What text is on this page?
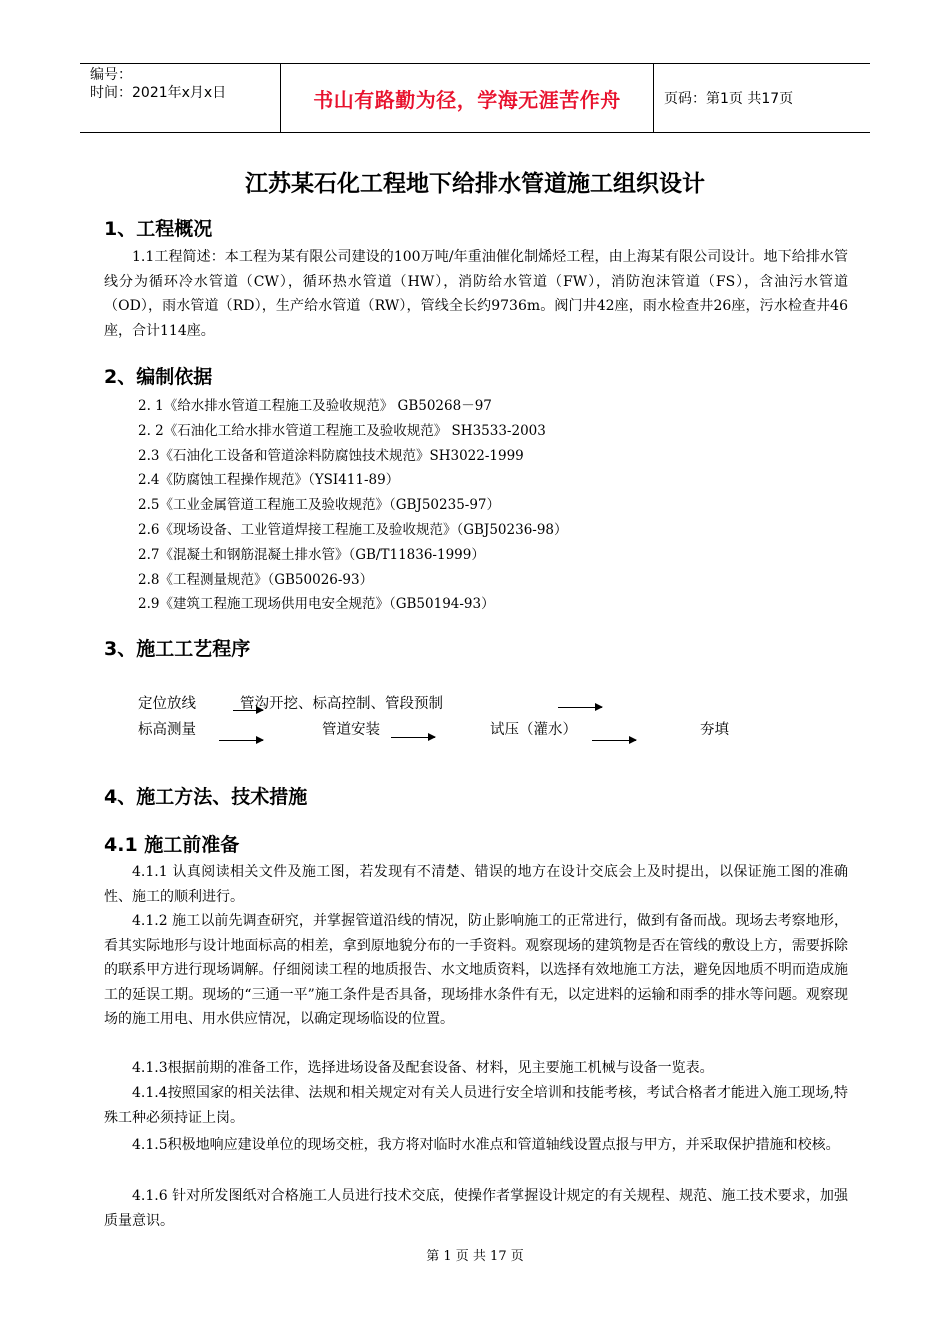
编号：
时间：2021年x月x日	书山有路勤为径，学海无涯苦作舟	页码：第1页 共17页
江苏某石化工程地下给排水管道施工组织设计
1、工程概况
1.1工程简述：本工程为某有限公司建设的100万吨/年重油催化制烯烃工程，由上海某有限公司设计。地下给排水管线分为循环冷水管道（CW），循环热水管道（HW），消防给水管道（FW），消防泡沫管道（FS），含油污水管道（OD），雨水管道（RD），生产给水管道（RW），管线全长约9736m。阀门井42座，雨水检查井26座，污水检查井46座，合计114座。
2、编制依据
2. 1《给水排水管道工程施工及验收规范》 GB50268－97
2. 2《石油化工给水排水管道工程施工及验收规范》 SH3533-2003
2.3《石油化工设备和管道涂料防腐蚀技术规范》SH3022-1999
2.4《防腐蚀工程操作规范》（YSI411-89）
2.5《工业金属管道工程施工及验收规范》（GBJ50235-97）
2.6《现场设备、工业管道焊接工程施工及验收规范》（GBJ50236-98）
2.7《混凝土和钢筋混凝土排水管》（GB/T11836-1999）
2.8《工程测量规范》（GB50026-93）
2.9《建筑工程施工现场供用电安全规范》（GB50194-93）
3、施工工艺程序
定位放线
标高测量
管沟开挖、标高控制、管段预制
管道安装	试压（灌水）	夯填
4、施工方法、技术措施
4.1 施工前准备
4.1.1 认真阅读相关文件及施工图，若发现有不清楚、错误的地方在设计交底会上及时提出，以保证施工图的准确性、施工的顺利进行。
4.1.2 施工以前先调查研究，并掌握管道沿线的情况，防止影响施工的正常进行，做到有备而战。现场去考察地形，看其实际地形与设计地面标高的相差，拿到原地貌分布的一手资料。观察现场的建筑物是否在管线的敷设上方，需要拆除的联系甲方进行现场调解。仔细阅读工程的地质报告、水文地质资料，以选择有效地施工方法，避免因地质不明而造成施工的延误工期。现场的“三通一平”施工条件是否具备，现场排水条件有无，以定进料的运输和雨季的排水等问题。观察现场的施工用电、用水供应情况，以确定现场临设的位置。
4.1.3根据前期的准备工作，选择进场设备及配套设备、材料，见主要施工机械与设备一览表。
4.1.4按照国家的相关法律、法规和相关规定对有关人员进行安全培训和技能考核，考试合格者才能进入施工现场,特殊工种必须持证上岗。
4.1.5积极地响应建设单位的现场交桩，我方将对临时水准点和管道轴线设置点报与甲方，并采取保护措施和校核。
4.1.6 针对所发图纸对合格施工人员进行技术交底，使操作者掌握设计规定的有关规程、规范、施工技术要求，加强质量意识。
第 1 页 共 17 页
